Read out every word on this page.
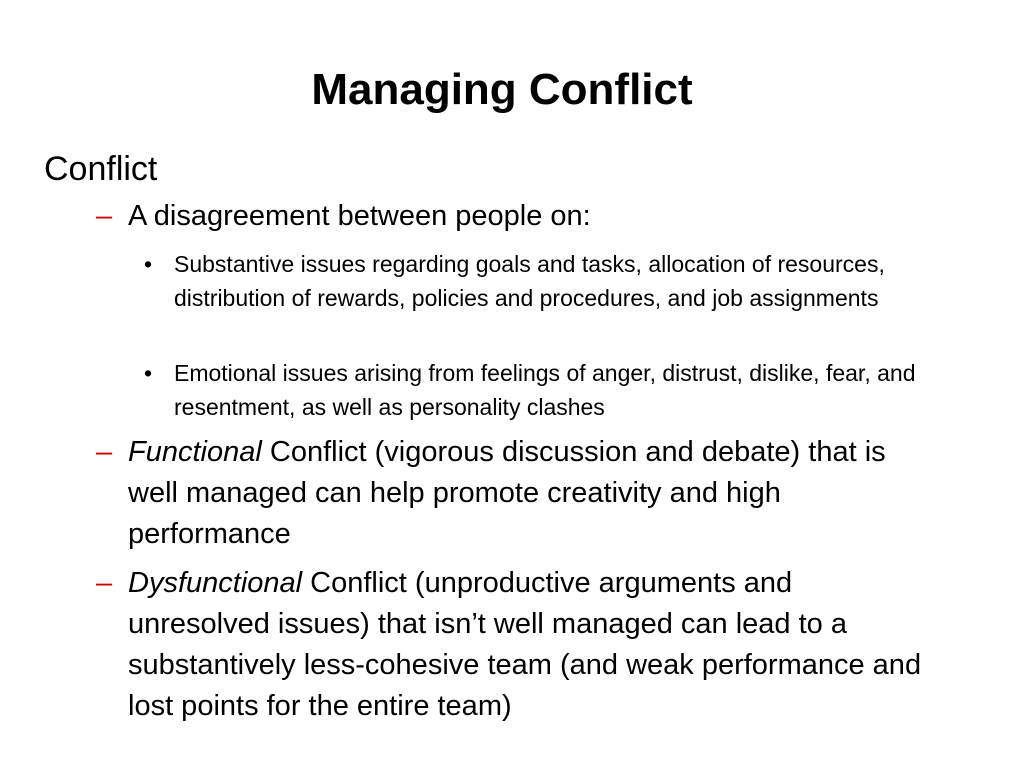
Managing Conflict
Conflict
– A disagreement between people on:
• Substantive issues regarding goals and tasks, allocation of resources, distribution of rewards, policies and procedures, and job assignments
• Emotional issues arising from feelings of anger, distrust, dislike, fear, and resentment, as well as personality clashes
– Functional Conflict (vigorous discussion and debate) that is well managed can help promote creativity and high performance
– Dysfunctional Conflict (unproductive arguments and unresolved issues) that isn’t well managed can lead to a substantively less-cohesive team (and weak performance and lost points for the entire team)
